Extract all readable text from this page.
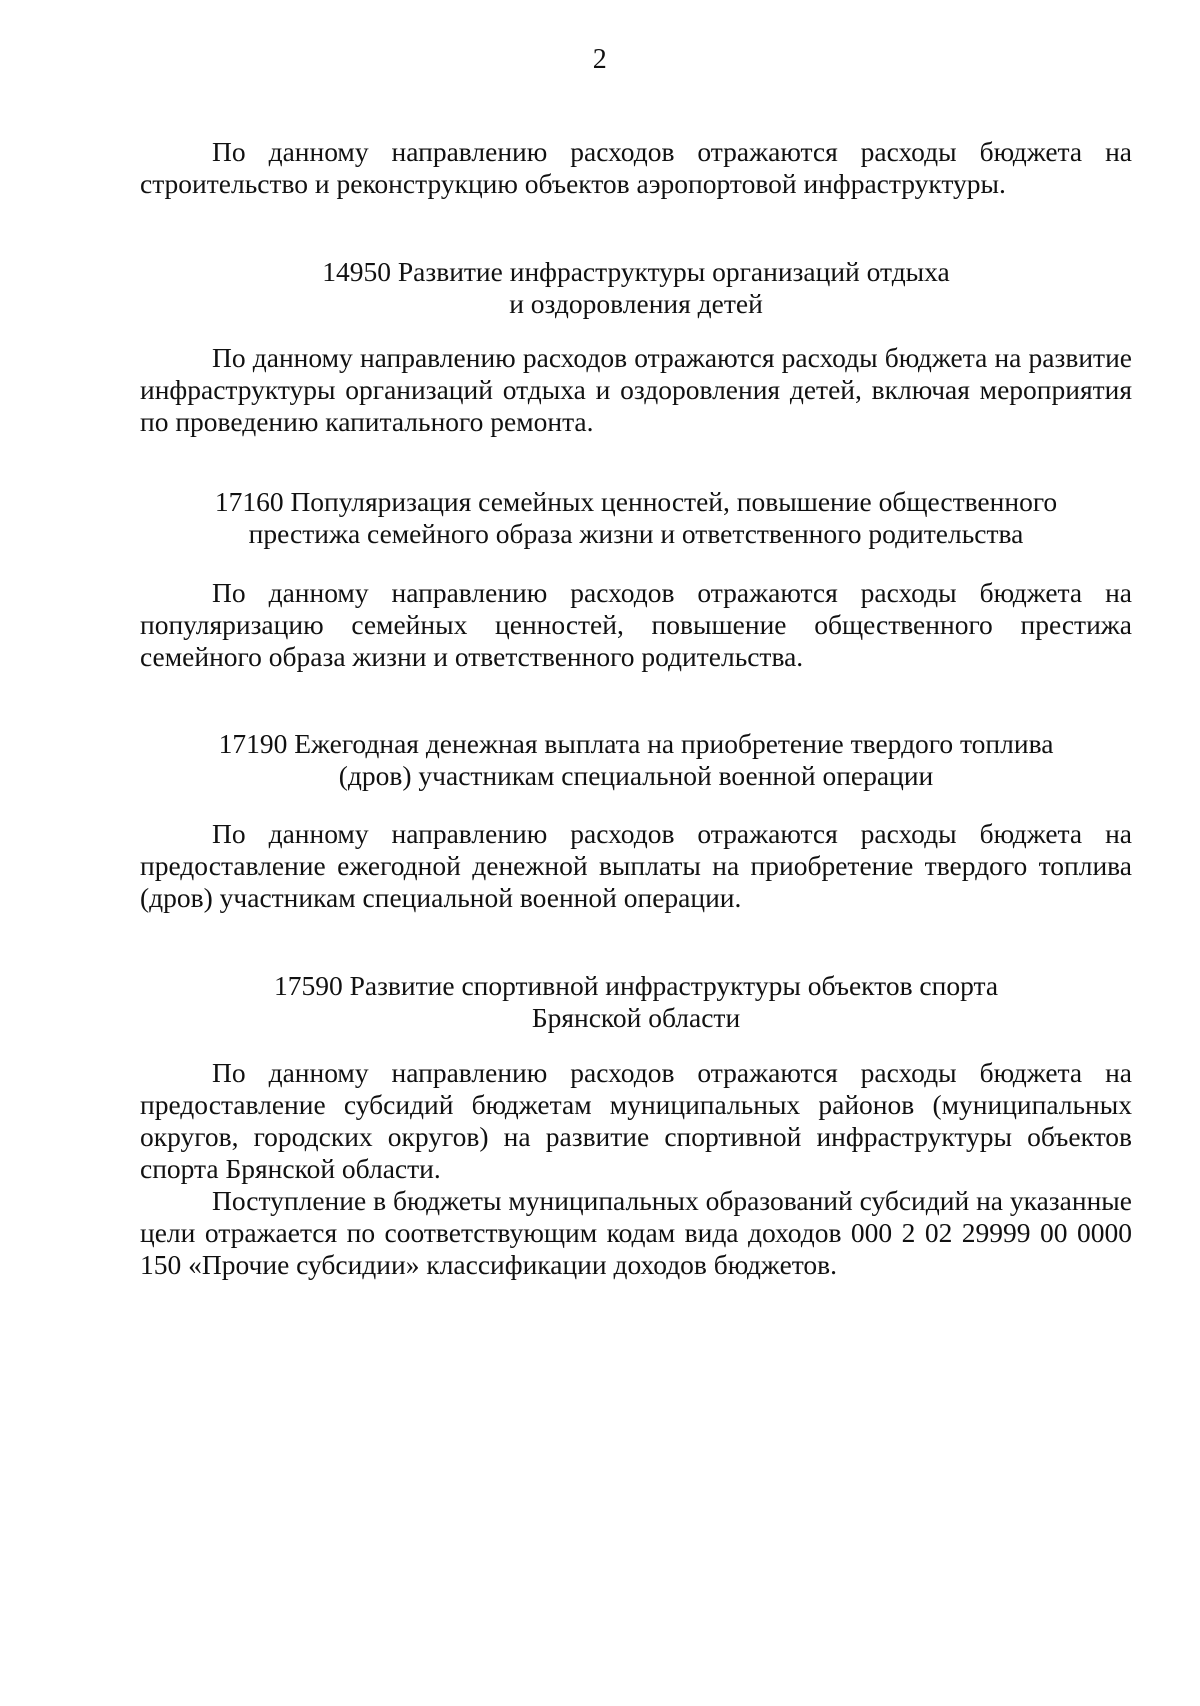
2

По данному направлению расходов отражаются расходы бюджета на строительство и реконструкцию объектов аэропортовой инфраструктуры.

14950 Развитие инфраструктуры организаций отдыха
и оздоровления детей

По данному направлению расходов отражаются расходы бюджета на развитие инфраструктуры организаций отдыха и оздоровления детей, включая мероприятия по проведению капитального ремонта.

17160 Популяризация семейных ценностей, повышение общественного
престижа семейного образа жизни и ответственного родительства

По данному направлению расходов отражаются расходы бюджета на популяризацию семейных ценностей, повышение общественного престижа семейного образа жизни и ответственного родительства.

17190 Ежегодная денежная выплата на приобретение твердого топлива
(дров) участникам специальной военной операции

По данному направлению расходов отражаются расходы бюджета на предоставление ежегодной денежной выплаты на приобретение твердого топлива (дров) участникам специальной военной операции.

17590 Развитие спортивной инфраструктуры объектов спорта
Брянской области

По данному направлению расходов отражаются расходы бюджета на предоставление субсидий бюджетам муниципальных районов (муниципальных округов, городских округов) на развитие спортивной инфраструктуры объектов спорта Брянской области.

Поступление в бюджеты муниципальных образований субсидий на указанные цели отражается по соответствующим кодам вида доходов 000 2 02 29999 00 0000 150 «Прочие субсидии» классификации доходов бюджетов.
